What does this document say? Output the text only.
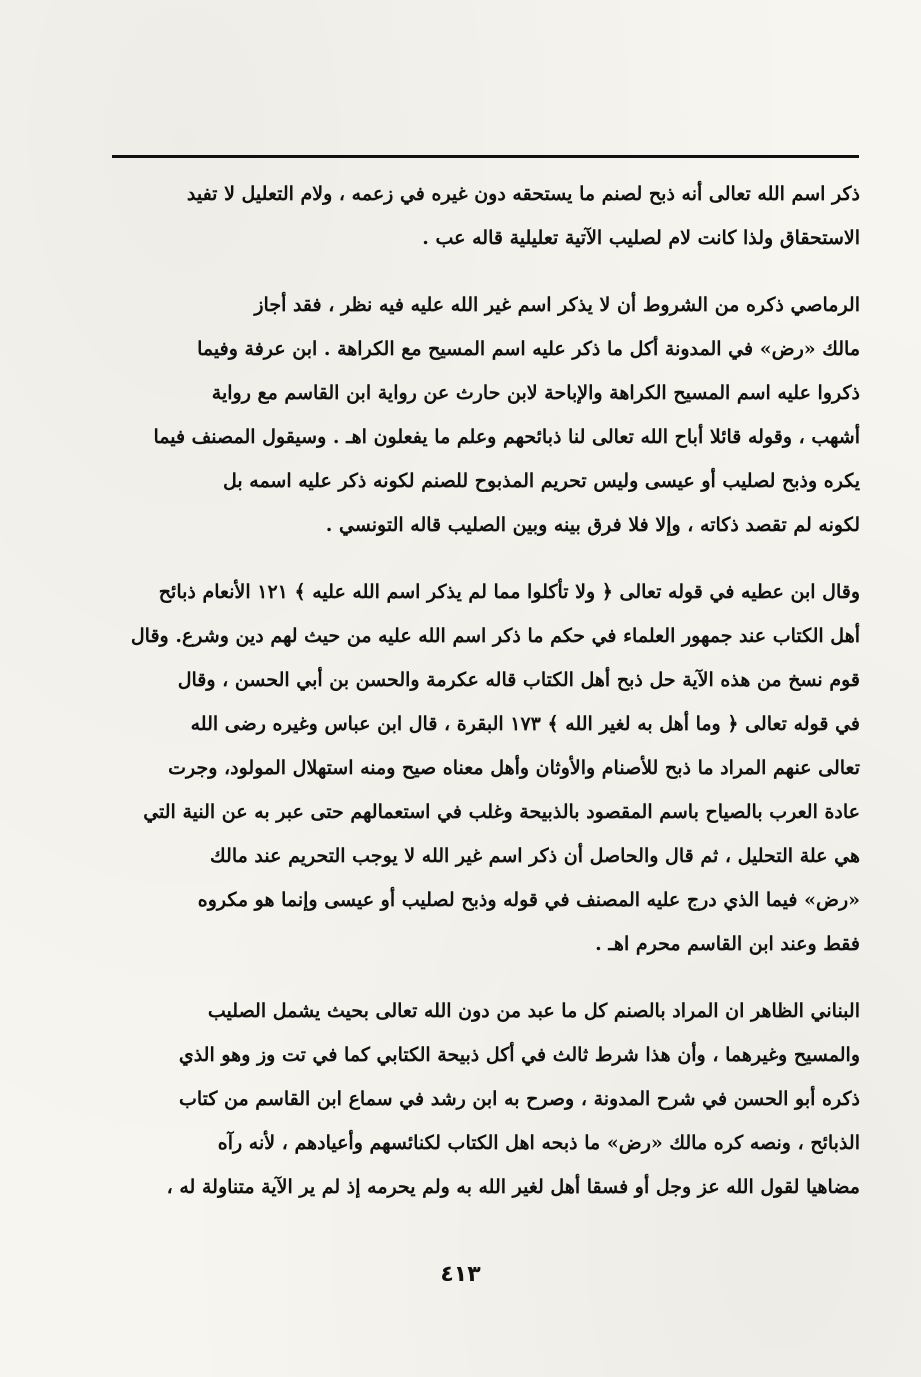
ذكر اسم الله تعالى أنه ذبح لصنم ما يستحقه دون غيره في زعمه ، ولام التعليل لا تفيد
الاستحقاق ولذا كانت لام لصليب الآتية تعليلية قاله عب .
الرماصي ذكره من الشروط أن لا يذكر اسم غير الله عليه فيه نظر ، فقد أجاز
مالك «رض» في المدونة أكل ما ذكر عليه اسم المسيح مع الكراهة . ابن عرفة وفيما
ذكروا عليه اسم المسيح الكراهة والإباحة لابن حارث عن رواية ابن القاسم مع رواية
أشهب ، وقوله قائلا أباح الله تعالى لنا ذبائحهم وعلم ما يفعلون اهـ . وسيقول المصنف فيما
يكره وذبح لصليب أو عيسى وليس تحريم المذبوح للصنم لكونه ذكر عليه اسمه بل
لكونه لم تقصد ذكاته ، وإلا فلا فرق بينه وبين الصليب قاله التونسي .
وقال ابن عطيه في قوله تعالى ﴿ ولا تأكلوا مما لم يذكر اسم الله عليه ﴾ ١٢١ الأنعام ذبائح
أهل الكتاب عند جمهور العلماء في حكم ما ذكر اسم الله عليه من حيث لهم دين وشرع. وقال
قوم نسخ من هذه الآية حل ذبح أهل الكتاب قاله عكرمة والحسن بن أبي الحسن ، وقال
في قوله تعالى ﴿ وما أهل به لغير الله ﴾ ١٧٣ البقرة ، قال ابن عباس وغيره رضى الله
تعالى عنهم المراد ما ذبح للأصنام والأوثان وأهل معناه صيح ومنه استهلال المولود، وجرت
عادة العرب بالصياح باسم المقصود بالذبيحة وغلب في استعمالهم حتى عبر به عن النية التي
هي علة التحليل ، ثم قال والحاصل أن ذكر اسم غير الله لا يوجب التحريم عند مالك
«رض» فيما الذي درج عليه المصنف في قوله وذبح لصليب أو عيسى وإنما هو مكروه
فقط وعند ابن القاسم محرم اهـ .
البناني الظاهر ان المراد بالصنم كل ما عبد من دون الله تعالى بحيث يشمل الصليب
والمسيح وغيرهما ، وأن هذا شرط ثالث في أكل ذبيحة الكتابي كما في تت وز وهو الذي
ذكره أبو الحسن في شرح المدونة ، وصرح به ابن رشد في سماع ابن القاسم من كتاب
الذبائح ، ونصه كره مالك «رض» ما ذبحه اهل الكتاب لكنائسهم وأعيادهم ، لأنه رآه
مضاهيا لقول الله عز وجل أو فسقا أهل لغير الله به ولم يحرمه إذ لم ير الآية متناولة له ،
٤١٣
